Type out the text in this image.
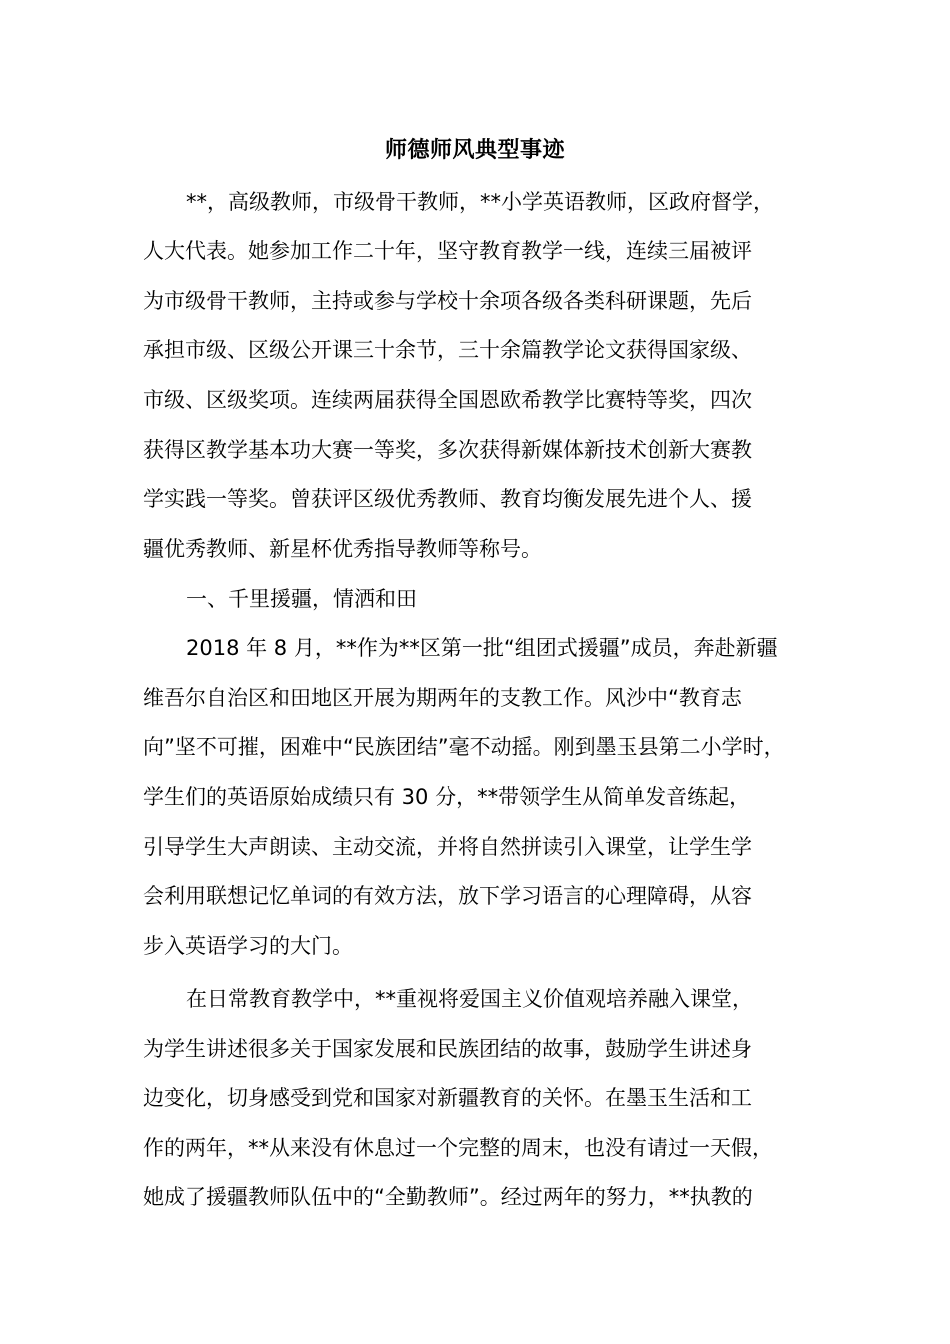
师德师风典型事迹
**，高级教师，市级骨干教师，**小学英语教师，区政府督学，
人大代表。她参加工作二十年，坚守教育教学一线，连续三届被评
为市级骨干教师，主持或参与学校十余项各级各类科研课题，先后
承担市级、区级公开课三十余节，三十余篇教学论文获得国家级、
市级、区级奖项。连续两届获得全国恩欧希教学比赛特等奖，四次
获得区教学基本功大赛一等奖，多次获得新媒体新技术创新大赛教
学实践一等奖。曾获评区级优秀教师、教育均衡发展先进个人、援
疆优秀教师、新星杯优秀指导教师等称号。
一、千里援疆，情洒和田
2018 年 8 月，**作为**区第一批“组团式援疆”成员，奔赴新疆
维吾尔自治区和田地区开展为期两年的支教工作。风沙中“教育志
向”坚不可摧，困难中“民族团结”毫不动摇。刚到墨玉县第二小学时，
学生们的英语原始成绩只有 30 分，**带领学生从简单发音练起，
引导学生大声朗读、主动交流，并将自然拼读引入课堂，让学生学
会利用联想记忆单词的有效方法，放下学习语言的心理障碍，从容
步入英语学习的大门。
在日常教育教学中，**重视将爱国主义价值观培养融入课堂，
为学生讲述很多关于国家发展和民族团结的故事，鼓励学生讲述身
边变化，切身感受到党和国家对新疆教育的关怀。在墨玉生活和工
作的两年，**从来没有休息过一个完整的周末，也没有请过一天假，
她成了援疆教师队伍中的“全勤教师”。经过两年的努力，**执教的
